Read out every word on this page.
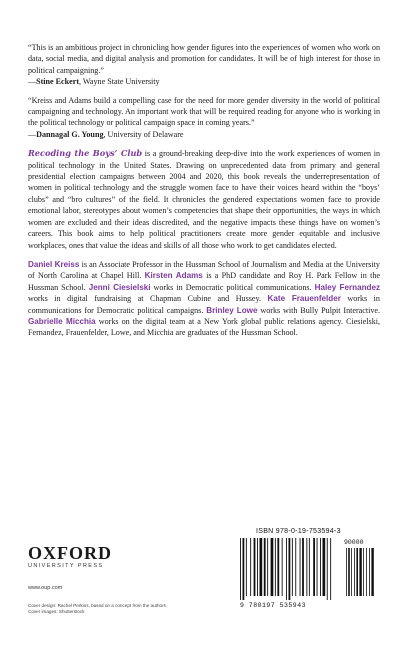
“This is an ambitious project in chronicling how gender figures into the experiences of women who work on data, social media, and digital analysis and promotion for candidates. It will be of high interest for those in political campaigning.”
—Stine Eckert, Wayne State University

“Kreiss and Adams build a compelling case for the need for more gender diversity in the world of political campaigning and technology. An important work that will be required reading for anyone who is working in the political technology or political campaign space in coming years.”
—Dannagal G. Young, University of Delaware

Recoding the Boys’ Club is a ground-breaking deep-dive into the work experiences of women in political technology in the United States. Drawing on unprecedented data from primary and general presidential election campaigns between 2004 and 2020, this book reveals the underrepresentation of women in political technology and the struggle women face to have their voices heard within the “boys’ clubs” and “bro cultures” of the field. It chronicles the gendered expectations women face to provide emotional labor, stereotypes about women’s competencies that shape their opportunities, the ways in which women are excluded and their ideas discredited, and the negative impacts these things have on women’s careers. This book aims to help political practitioners create more gender equitable and inclusive workplaces, ones that value the ideas and skills of all those who work to get candidates elected.

Daniel Kreiss is an Associate Professor in the Hussman School of Journalism and Media at the University of North Carolina at Chapel Hill. Kirsten Adams is a PhD candidate and Roy H. Park Fellow in the Hussman School. Jenni Ciesielski works in Democratic political communications. Haley Fernandez works in digital fundraising at Chapman Cubine and Hussey. Kate Frauenfelder works in communications for Democratic political campaigns. Brinley Lowe works with Bully Pulpit Interactive. Gabrielle Micchia works on the digital team at a New York global public relations agency. Ciesielski, Fernandez, Frauenfelder, Lowe, and Micchia are graduates of the Hussman School.

OXFORD
UNIVERSITY PRESS
www.oup.com
Cover design: Rachel Perkins, based on a concept from the authors
Cover images: Shutterstock
ISBN 978-0-19-753594-3
90000
9 780197 535943
